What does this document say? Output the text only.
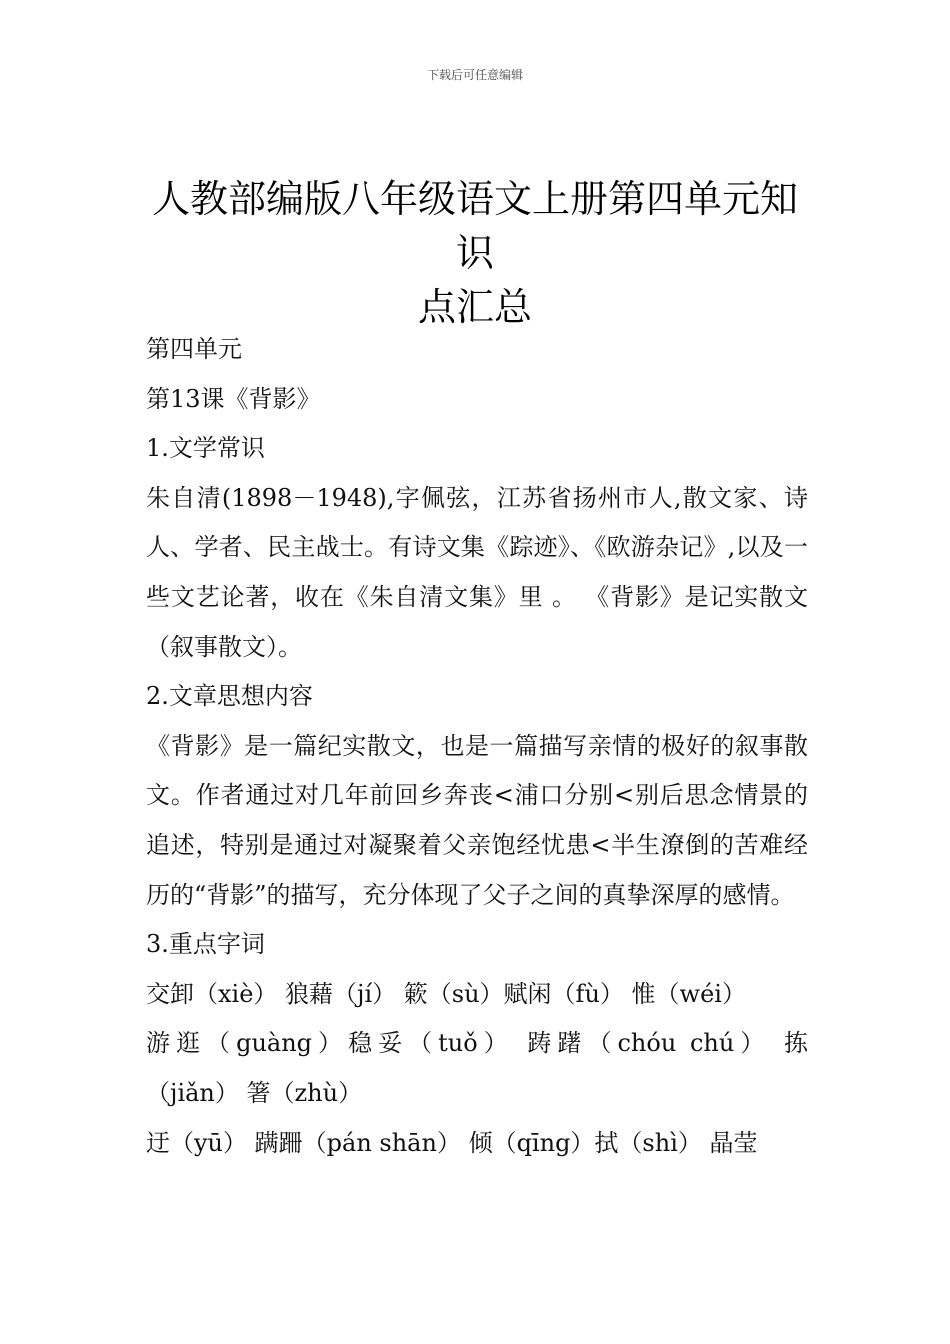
下载后可任意编辑
人教部编版八年级语文上册第四单元知识
点汇总

第四单元

第13课《背影》

1.文学常识

朱自清(1898－1948),字佩弦，江苏省扬州市人,散文家、诗人、学者、民主战士。有诗文集《踪迹》、《欧游杂记》,以及一些文艺论著，收在《朱自清文集》里 。 《背影》是记实散文（叙事散文）。

2.文章思想内容

《背影》是一篇纪实散文，也是一篇描写亲情的极好的叙事散文。作者通过对几年前回乡奔丧<浦口分别<别后思念情景的追述，特别是通过对凝聚着父亲饱经忧患<半生潦倒的苦难经历的“背影”的描写，充分体现了父子之间的真挚深厚的感情。

3.重点字词

交卸（xiè） 狼藉（jí） 簌（sù）赋闲（fù） 惟（wéi）

游逛（guàng）稳妥（tuǒ） 踌躇（chóu chú） 拣

（jiǎn） 箸（zhù）

迂（yū） 蹒跚（pán shān） 倾（qīng）拭（shì） 晶莹
